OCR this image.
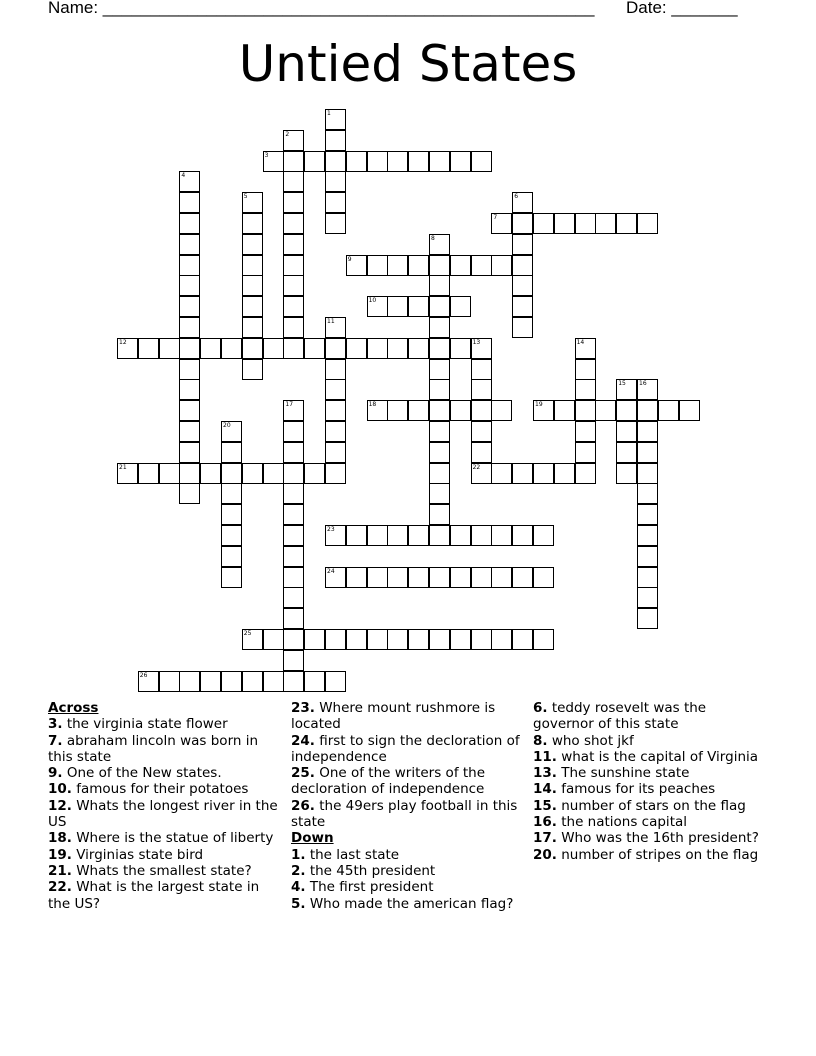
Name: ____________________________________________________ Date: _______
Untied States
1
2
3
4
5	6
7
8
9
10
11
12	13	14
15 16
17	18	19
20
21	22
23
24
25
26
Across
3. the virginia state flower
7. abraham lincoln was born in this state
9. One of the New states.
10. famous for their potatoes
12. Whats the longest river in the US
18. Where is the statue of liberty
19. Virginias state bird
21. Whats the smallest state?
22. What is the largest state in the US?
23. Where mount rushmore is located
24. first to sign the decloration of independence
25. One of the writers of the decloration of independence
26. the 49ers play football in this state
Down
1. the last state
2. the 45th president
4. The first president
5. Who made the american flag?
6. teddy rosevelt was the governor of this state
8. who shot jkf
11. what is the capital of Virginia
13. The sunshine state
14. famous for its peaches
15. number of stars on the flag
16. the nations capital
17. Who was the 16th president?
20. number of stripes on the flag
